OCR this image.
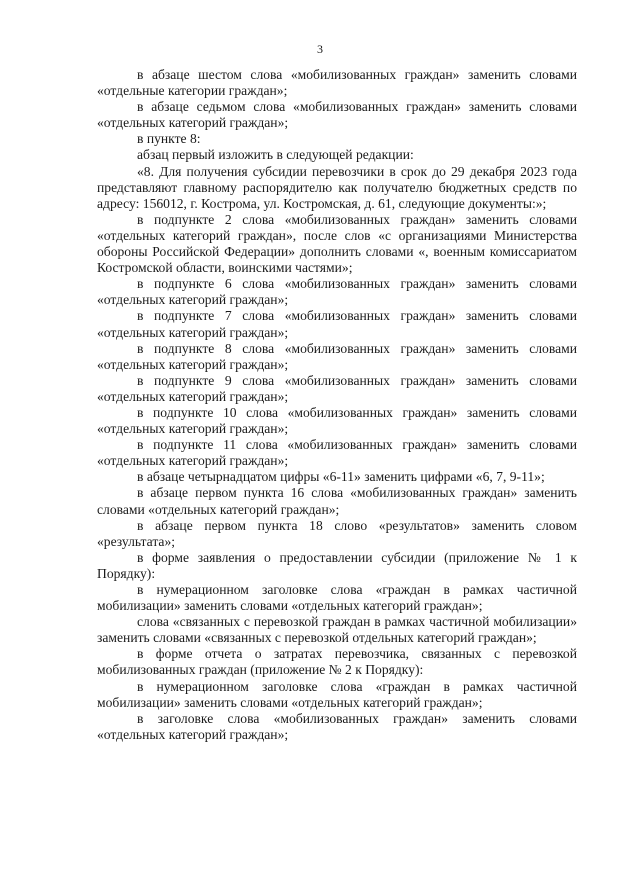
3

в абзаце шестом слова «мобилизованных граждан» заменить словами «отдельные категории граждан»;

в абзаце седьмом слова «мобилизованных граждан» заменить словами «отдельных категорий граждан»;

в пункте 8:

абзац первый изложить в следующей редакции:

«8. Для получения субсидии перевозчики в срок до 29 декабря 2023 года представляют главному распорядителю как получателю бюджетных средств по адресу: 156012, г. Кострома, ул. Костромская, д. 61, следующие документы:»;

в подпункте 2 слова «мобилизованных граждан» заменить словами «отдельных категорий граждан», после слов «с организациями Министерства обороны Российской Федерации» дополнить словами «, военным комиссариатом Костромской области, воинскими частями»;

в подпункте 6 слова «мобилизованных граждан» заменить словами «отдельных категорий граждан»;

в подпункте 7 слова «мобилизованных граждан» заменить словами «отдельных категорий граждан»;

в подпункте 8 слова «мобилизованных граждан» заменить словами «отдельных категорий граждан»;

в подпункте 9 слова «мобилизованных граждан» заменить словами «отдельных категорий граждан»;

в подпункте 10 слова «мобилизованных граждан» заменить словами «отдельных категорий граждан»;

в подпункте 11 слова «мобилизованных граждан» заменить словами «отдельных категорий граждан»;

в абзаце четырнадцатом цифры «6-11» заменить цифрами «6, 7, 9-11»;

в абзаце первом пункта 16 слова «мобилизованных граждан» заменить словами «отдельных категорий граждан»;

в абзаце первом пункта 18 слово «результатов» заменить словом «результата»;

в форме заявления о предоставлении субсидии (приложение № 1 к Порядку):

в нумерационном заголовке слова «граждан в рамках частичной мобилизации» заменить словами «отдельных категорий граждан»;

слова «связанных с перевозкой граждан в рамках частичной мобилизации» заменить словами «связанных с перевозкой отдельных категорий граждан»;

в форме отчета о затратах перевозчика, связанных с перевозкой мобилизованных граждан (приложение № 2 к Порядку):

в нумерационном заголовке слова «граждан в рамках частичной мобилизации» заменить словами «отдельных категорий граждан»;

в заголовке слова «мобилизованных граждан» заменить словами «отдельных категорий граждан»;
